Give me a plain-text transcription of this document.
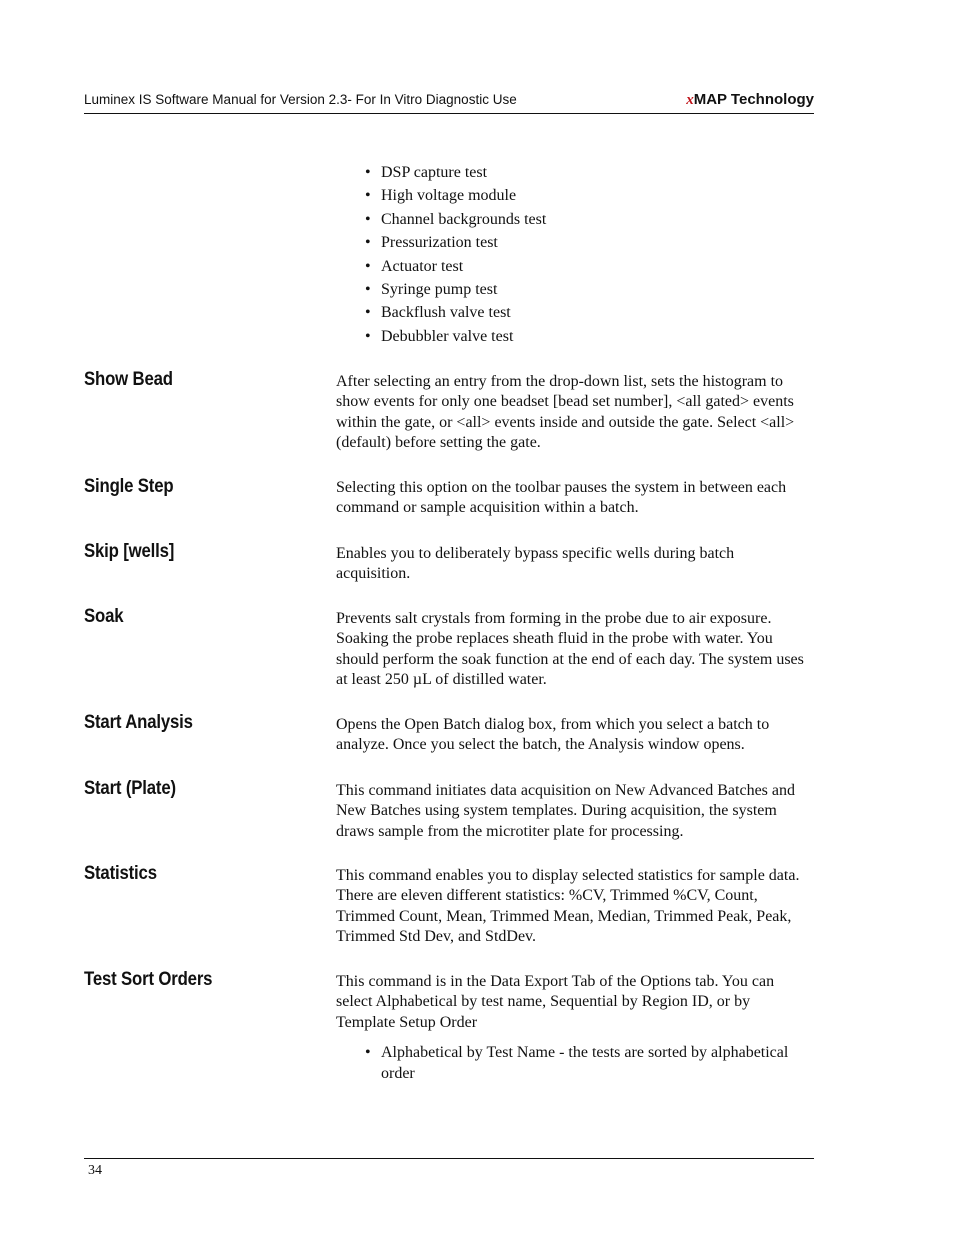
Luminex IS Software Manual for Version 2.3- For In Vitro Diagnostic Use	xMAP Technology
• DSP capture test
• High voltage module
• Channel backgrounds test
• Pressurization test
• Actuator test
• Syringe pump test
• Backflush valve test
• Debubbler valve test
Show Bead	After selecting an entry from the drop-down list, sets the histogram to show events for only one beadset [bead set number], <all gated> events within the gate, or <all> events inside and outside the gate. Select <all> (default) before setting the gate.
Single Step	Selecting this option on the toolbar pauses the system in between each command or sample acquisition within a batch.
Skip [wells]	Enables you to deliberately bypass specific wells during batch acquisition.
Soak	Prevents salt crystals from forming in the probe due to air exposure. Soaking the probe replaces sheath fluid in the probe with water. You should perform the soak function at the end of each day. The system uses at least 250 µL of distilled water.
Start Analysis	Opens the Open Batch dialog box, from which you select a batch to analyze. Once you select the batch, the Analysis window opens.
Start (Plate)	This command initiates data acquisition on New Advanced Batches and New Batches using system templates. During acquisition, the system draws sample from the microtiter plate for processing.
Statistics	This command enables you to display selected statistics for sample data. There are eleven different statistics: %CV, Trimmed %CV, Count, Trimmed Count, Mean, Trimmed Mean, Median, Trimmed Peak, Peak, Trimmed Std Dev, and StdDev.
Test Sort Orders	This command is in the Data Export Tab of the Options tab. You can select Alphabetical by test name, Sequential by Region ID, or by Template Setup Order
• Alphabetical by Test Name - the tests are sorted by alphabetical order
34
